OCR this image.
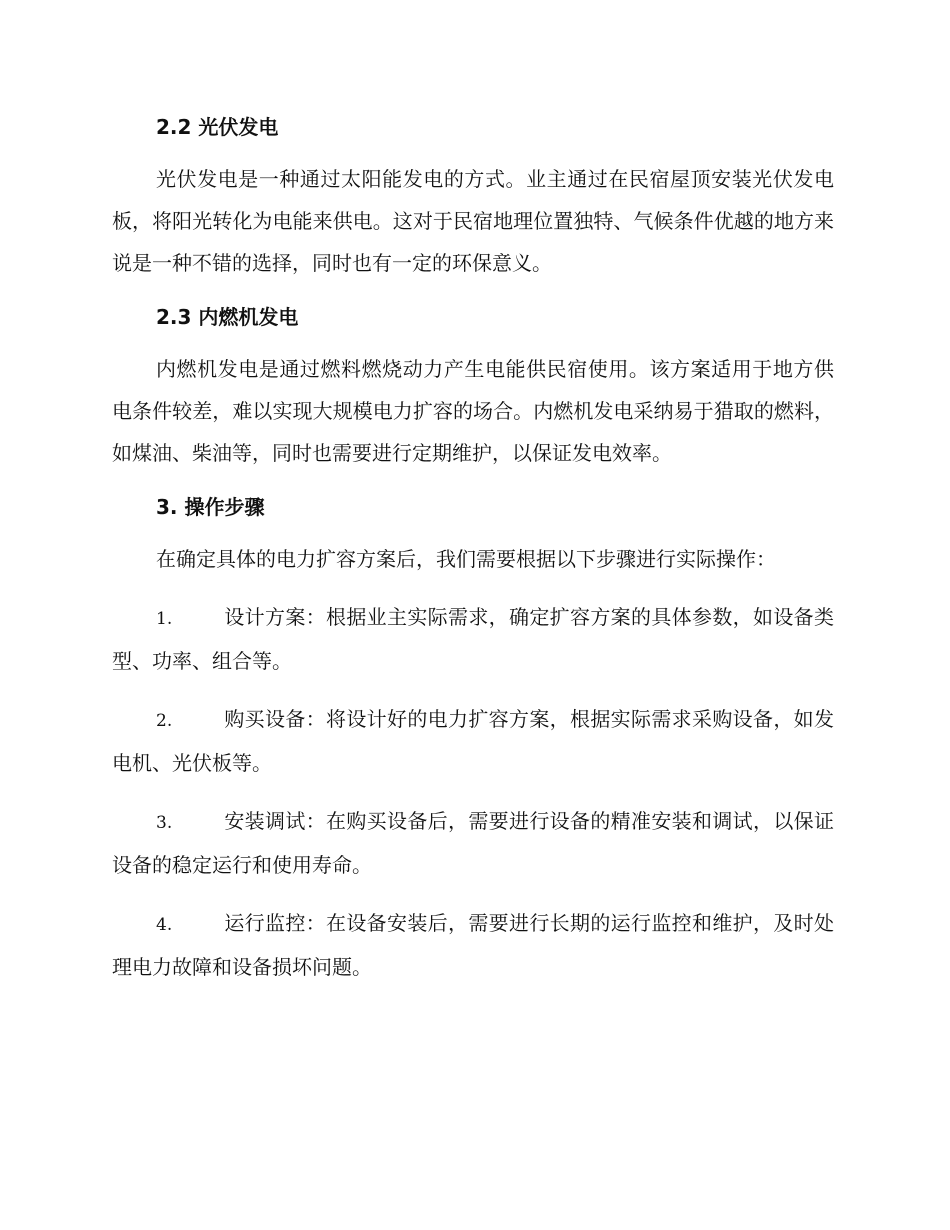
2.2 光伏发电

光伏发电是一种通过太阳能发电的方式。业主通过在民宿屋顶安装光伏发电板，将阳光转化为电能来供电。这对于民宿地理位置独特、气候条件优越的地方来说是一种不错的选择，同时也有一定的环保意义。

2.3 内燃机发电

内燃机发电是通过燃料燃烧动力产生电能供民宿使用。该方案适用于地方供电条件较差，难以实现大规模电力扩容的场合。内燃机发电采纳易于猎取的燃料，如煤油、柴油等，同时也需要进行定期维护，以保证发电效率。

3. 操作步骤

在确定具体的电力扩容方案后，我们需要根据以下步骤进行实际操作：

1.	设计方案：根据业主实际需求，确定扩容方案的具体参数，如设备类型、功率、组合等。

2.	购买设备：将设计好的电力扩容方案，根据实际需求采购设备，如发电机、光伏板等。

3.	安装调试：在购买设备后，需要进行设备的精准安装和调试，以保证设备的稳定运行和使用寿命。

4.	运行监控：在设备安装后，需要进行长期的运行监控和维护，及时处理电力故障和设备损坏问题。
